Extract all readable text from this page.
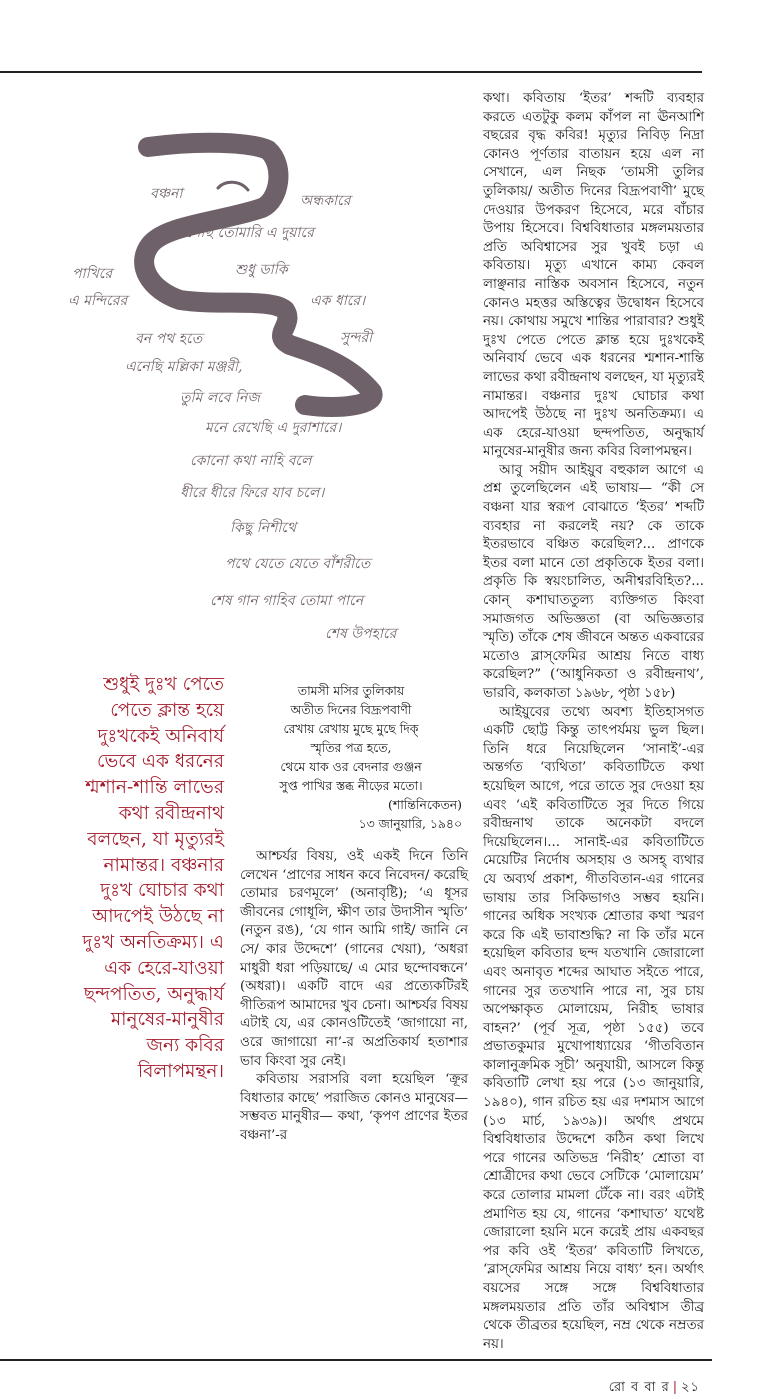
বঞ্চনা	অন্ধকারে
এসেছি তোমারি এ দুয়ারে
পাখিরে	শুধু ডাকি
এ মন্দিরের	এক ধারে।
বন পথ হতে	সুন্দরী
এনেছি মল্লিকা মঞ্জরী,
তুমি লবে নিজ
মনে রেখেছি এ দুরাশারে।
কোনো কথা নাহি বলে
ধীরে ধীরে ফিরে যাব চলে।
কিছু নিশীথে
পথে যেতে যেতে বাঁশরীতে
শেষ গান গাহিব তোমা পানে
শেষ উপহারে
শুধুই দুঃখ পেতে
পেতে ক্লান্ত হয়ে
দুঃখকেই অনিবার্য
ভেবে এক ধরনের
শ্মশান-শান্তি লাভের
কথা রবীন্দ্রনাথ
বলছেন, যা মৃত্যুরই
নামান্তর। বঞ্চনার
দুঃখ ঘোচার কথা
আদপেই উঠছে না
দুঃখ অনতিক্রম্য। এ
এক হেরে-যাওয়া
ছন্দপতিত, অনুদ্ধার্য
মানুষের-মানুষীর
জন্য কবির
বিলাপমন্থন।
তামসী মসির তুলিকায়
অতীত দিনের বিদ্রূপবাণী
রেখায় রেখায় মুছে মুছে দিক্
স্মৃতির পত্র হতে,
থেমে যাক ওর বেদনার গুঞ্জন
সুপ্ত পাখির স্তব্ধ নীড়ের মতো।
(শান্তিনিকেতন)
১৩ জানুয়ারি, ১৯৪০

আশ্চর্যর বিষয়, ওই একই দিনে তিনি লেখেন ‘প্রাণের সাধন কবে নিবেদন/ করেছি তোমার চরণমূলে’ (অনাবৃষ্টি); ‘এ ধূসর জীবনের গোধূলি, ক্ষীণ তার উদাসীন স্মৃতি’ (নতুন রঙ), ‘যে গান আমি গাই/ জানি নে সে/ কার উদ্দেশে’ (গানের খেয়া), ‘অধরা মাধুরী ধরা পড়িয়াছে/ এ মোর ছন্দোবন্ধনে’ (অধরা)। একটি বাদে এর প্রত্যেকটিরই গীতিরূপ আমাদের খুব চেনা। আশ্চর্যর বিষয় এটাই যে, এর কোনওটিতেই ‘জাগায়ো না, ওরে জাগায়ো না’-র অপ্রতিকার্য হতাশার ভাব কিংবা সুর নেই।

কবিতায় সরাসরি বলা হয়েছিল ‘ক্রূর বিধাতার কাছে’ পরাজিত কোনও মানুষের— সম্ভবত মানুষীর— কথা, ‘কৃপণ প্রাণের ইতর বঞ্চনা’-র

কথা। কবিতায় ‘ইতর’ শব্দটি ব্যবহার করতে এতটুকু কলম কাঁপল না ঊনআশি বছরের বৃদ্ধ কবির! মৃত্যুর নিবিড় নিদ্রা কোনও পূর্ণতার বাতায়ন হয়ে এল না সেখানে, এল নিছক ‘তামসী তুলির তুলিকায়/ অতীত দিনের বিদ্রূপবাণী’ মুছে দেওয়ার উপকরণ হিসেবে, মরে বাঁচার উপায় হিসেবে। বিশ্ববিধাতার মঙ্গলময়তার প্রতি অবিশ্বাসের সুর খুবই চড়া এ কবিতায়। মৃত্যু এখানে কাম্য কেবল লাঞ্ছনার নাস্তিক অবসান হিসেবে, নতুন কোনও মহত্তর অস্তিত্বের উদ্বোধন হিসেবে নয়। কোথায় সমুখে শান্তির পারাবার? শুধুই দুঃখ পেতে পেতে ক্লান্ত হয়ে দুঃখকেই অনিবার্য ভেবে এক ধরনের শ্মশান-শান্তি লাভের কথা রবীন্দ্রনাথ বলছেন, যা মৃত্যুরই নামান্তর। বঞ্চনার দুঃখ ঘোচার কথা আদপেই উঠছে না দুঃখ অনতিক্রম্য। এ এক হেরে-যাওয়া ছন্দপতিত, অনুদ্ধার্য মানুষের-মানুষীর জন্য কবির বিলাপমন্থন।

আবু সয়ীদ আইয়ুব বহুকাল আগে এ প্রশ্ন তুলেছিলেন এই ভাষায়— “কী সে বঞ্চনা যার স্বরূপ বোঝাতে ‘ইতর’ শব্দটি ব্যবহার না করলেই নয়? কে তাকে ইতরভাবে বঞ্চিত করেছিল?... প্রাণকে ইতর বলা মানে তো প্রকৃতিকে ইতর বলা। প্রকৃতি কি স্বয়ংচালিত, অনীশ্বরবিহিত?... কোন্ কশাঘাততুল্য ব্যক্তিগত কিংবা সমাজগত অভিজ্ঞতা (বা অভিজ্ঞতার স্মৃতি) তাঁকে শেষ জীবনে অন্তত একবারের মতোও ব্লাস্‌ফেমির আশ্রয় নিতে বাধ্য করেছিল?” (‘আধুনিকতা ও রবীন্দ্রনাথ’, ভারবি, কলকাতা ১৯৬৮, পৃষ্ঠা ১৫৮)

আইয়ুবের তথ্যে অবশ্য ইতিহাসগত একটি ছোট্ট কিন্তু তাৎপর্যময় ভুল ছিল। তিনি ধরে নিয়েছিলেন ‘সানাই’-এর অন্তর্গত ‘ব্যথিতা’ কবিতাটিতে কথা হয়েছিল আগে, পরে তাতে সুর দেওয়া হয় এবং ‘এই কবিতাটিতে সুর দিতে গিয়ে রবীন্দ্রনাথ তাকে অনেকটা বদলে দিয়েছিলেন।... সানাই-এর কবিতাটিতে মেয়েটির নির্দোষ অসহায় ও অসহ্ ব্যথার যে অব্যর্থ প্রকাশ, গীতবিতান-এর গানের ভাষায় তার সিকিভাগও সম্ভব হয়নি। গানের অধিক সংখ্যক শ্রোতার কথা স্মরণ করে কি এই ভাবাশুদ্ধি? না কি তাঁর মনে হয়েছিল কবিতার ছন্দ যতখানি জোরালো এবং অনাবৃত শব্দের আঘাত সইতে পারে, গানের সুর ততখানি পারে না, সুর চায় অপেক্ষাকৃত মোলায়েম, নিরীহ ভাষার বাহন?’ (পূর্ব সূত্র, পৃষ্ঠা ১৫৫) তবে প্রভাতকুমার মুখোপাধ্যায়ের ‘গীতবিতান কালানুক্রমিক সূচী’ অনুযায়ী, আসলে কিন্তু কবিতাটি লেখা হয় পরে (১৩ জানুয়ারি, ১৯৪০), গান রচিত হয় এর দশমাস আগে (১৩ মার্চ, ১৯৩৯)। অর্থাৎ প্রথমে বিশ্ববিধাতার উদ্দেশে কঠিন কথা লিখে পরে গানের অতিভদ্র ‘নিরীহ’ শ্রোতা বা শ্রোত্রীদের কথা ভেবে সেটিকে ‘মোলায়েম’ করে তোলার মামলা টেঁকে না। বরং এটাই প্রমাণিত হয় যে, গানের ‘কশাঘাত’ যথেষ্ট জোরালো হয়নি মনে করেই প্রায় একবছর পর কবি ওই ‘ইতর’ কবিতাটি লিখতে, ‘ব্লাস্‌ফেমির আশ্রয় নিয়ে বাধ্য’ হন। অর্থাৎ বয়সের সঙ্গে সঙ্গে বিশ্ববিধাতার মঙ্গলময়তার প্রতি তাঁর অবিশ্বাস তীব্র থেকে তীব্রতর হয়েছিল, নম্র থেকে নম্রতর নয়।

রো ব বা র | ২১
